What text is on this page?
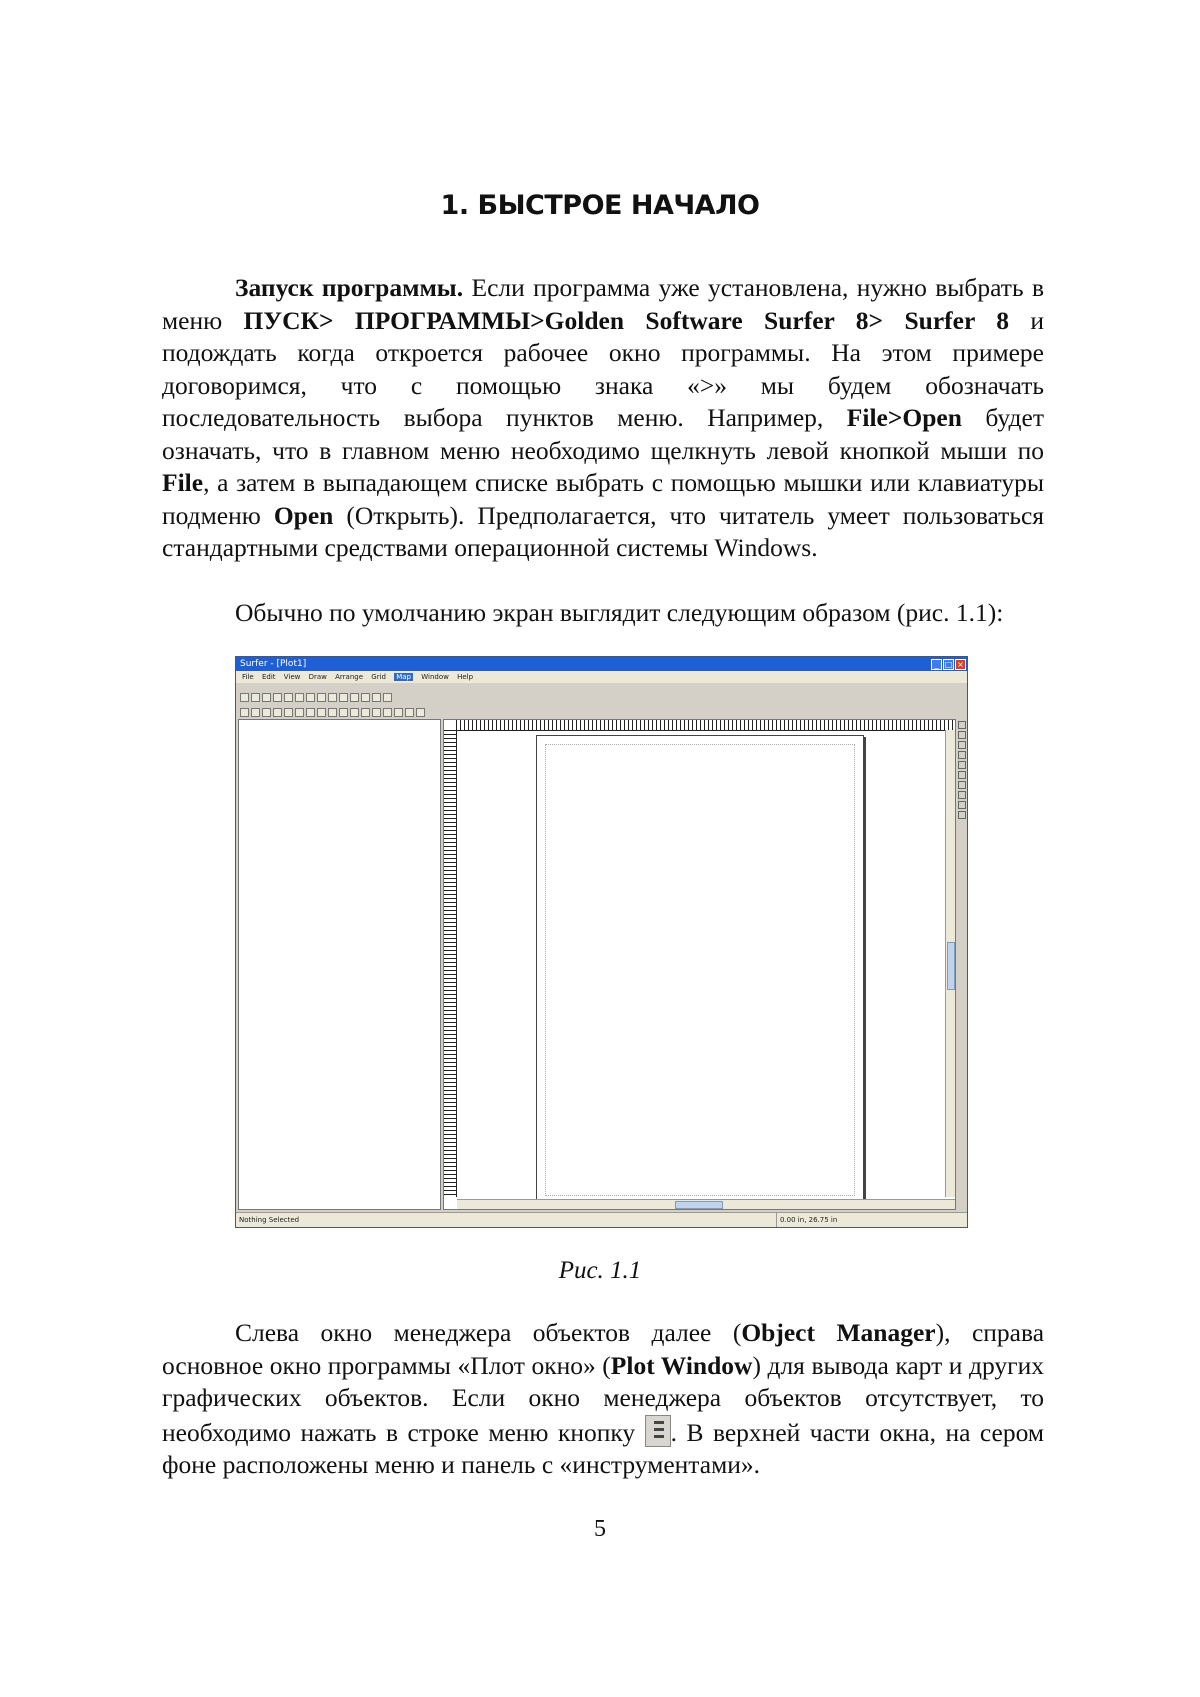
1. БЫСТРОЕ НАЧАЛО
Запуск программы. Если программа уже установлена, нужно выбрать в меню ПУСК> ПРОГРАММЫ>Golden Software Surfer 8> Surfer 8 и подождать когда откроется рабочее окно программы. На этом примере договоримся, что с помощью знака «>» мы будем обозначать последовательность выбора пунктов меню. Например, File>Open будет означать, что в главном меню необходимо щелкнуть левой кнопкой мыши по File, а затем в выпадающем списке выбрать с помощью мышки или клавиатуры подменю Open (Открыть). Предполагается, что читатель умеет пользоваться стандартными средствами операционной системы Windows.
Обычно по умолчанию экран выглядит следующим образом (рис. 1.1):
Surfer - [Plot1]	_ □ ×
File Edit View Draw Arrange Grid Map Window Help
Nothing Selected	0.00 in, 26.75 in
Рис. 1.1
Слева окно менеджера объектов далее (Object Manager), справа основное окно программы «Плот окно» (Plot Window) для вывода карт и других графических объектов. Если окно менеджера объектов отсутствует, то необходимо нажать в строке меню кнопку
. В верхней части окна, на сером фоне расположены меню и панель с «инструментами».
5
